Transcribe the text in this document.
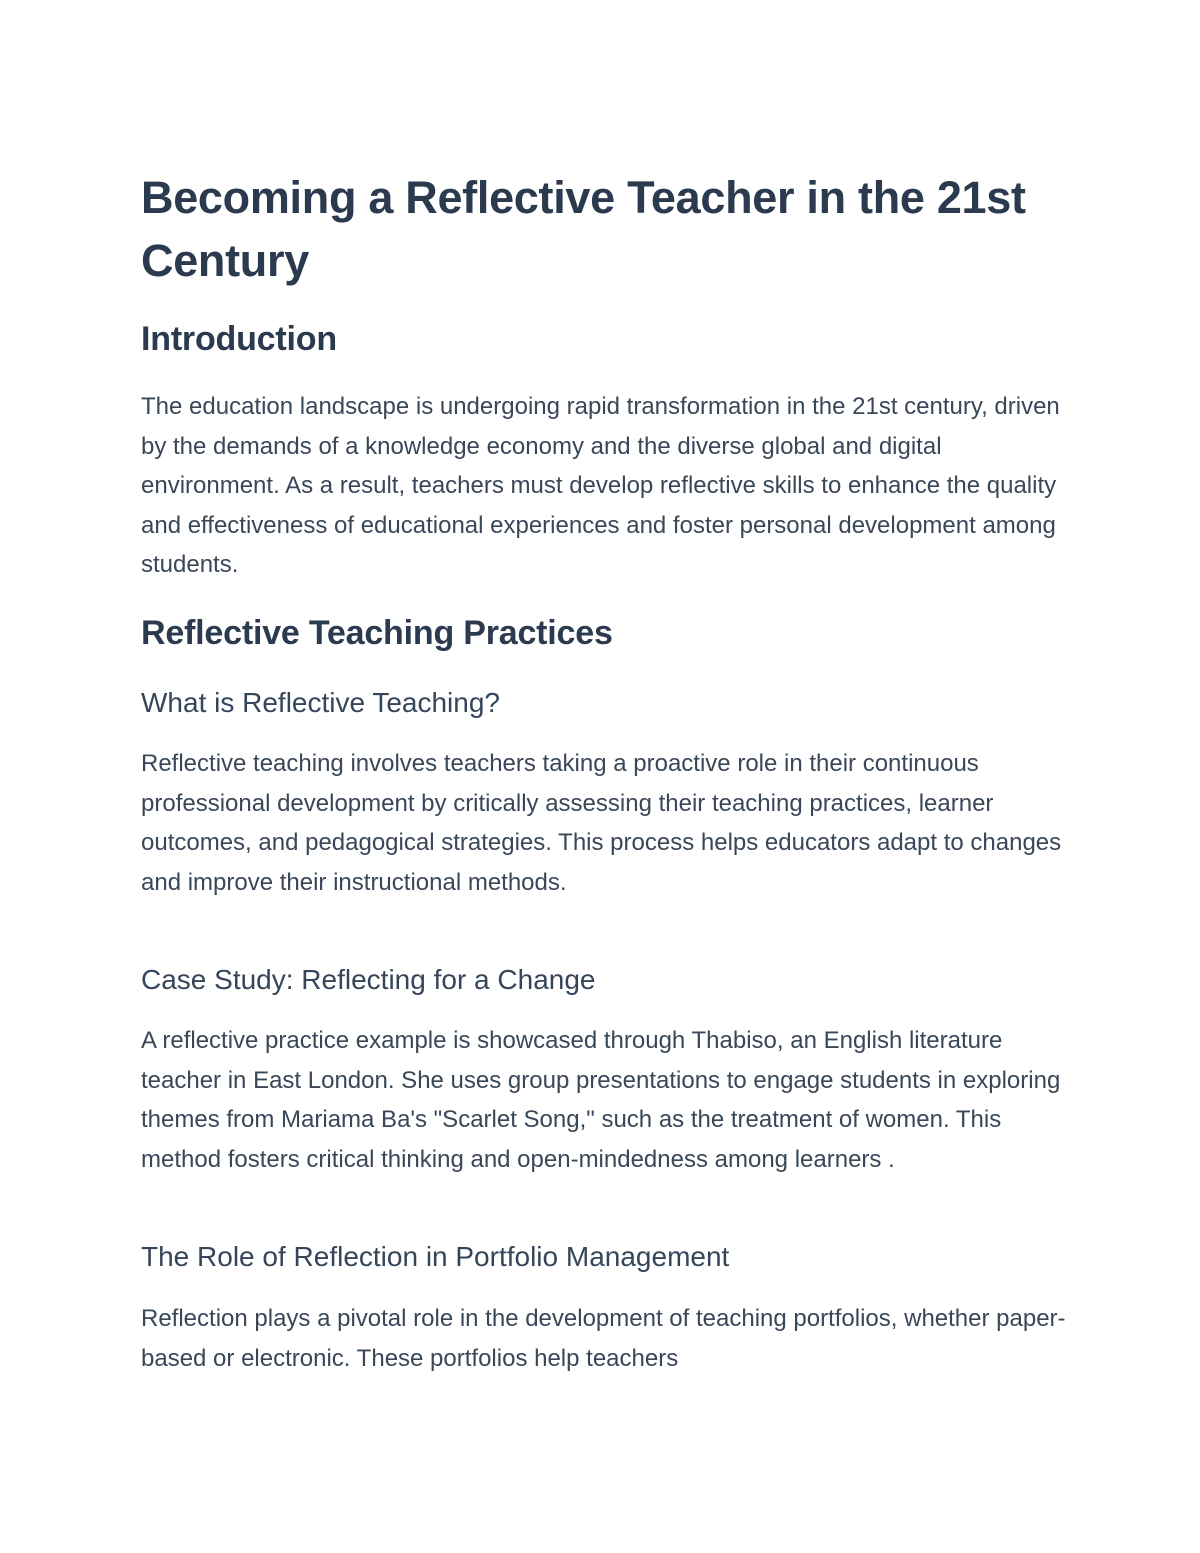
Becoming a Reflective Teacher in the 21st Century
Introduction

The education landscape is undergoing rapid transformation in the 21st century, driven by the demands of a knowledge economy and the diverse global and digital environment. As a result, teachers must develop reflective skills to enhance the quality and effectiveness of educational experiences and foster personal development among students.

Reflective Teaching Practices
What is Reflective Teaching?

Reflective teaching involves teachers taking a proactive role in their continuous professional development by critically assessing their teaching practices, learner outcomes, and pedagogical strategies. This process helps educators adapt to changes and improve their instructional methods.

Case Study: Reflecting for a Change

A reflective practice example is showcased through Thabiso, an English literature teacher in East London. She uses group presentations to engage students in exploring themes from Mariama Ba's "Scarlet Song," such as the treatment of women. This method fosters critical thinking and open-mindedness among learners .

The Role of Reflection in Portfolio Management

Reflection plays a pivotal role in the development of teaching portfolios, whether paper-based or electronic. These portfolios help teachers
